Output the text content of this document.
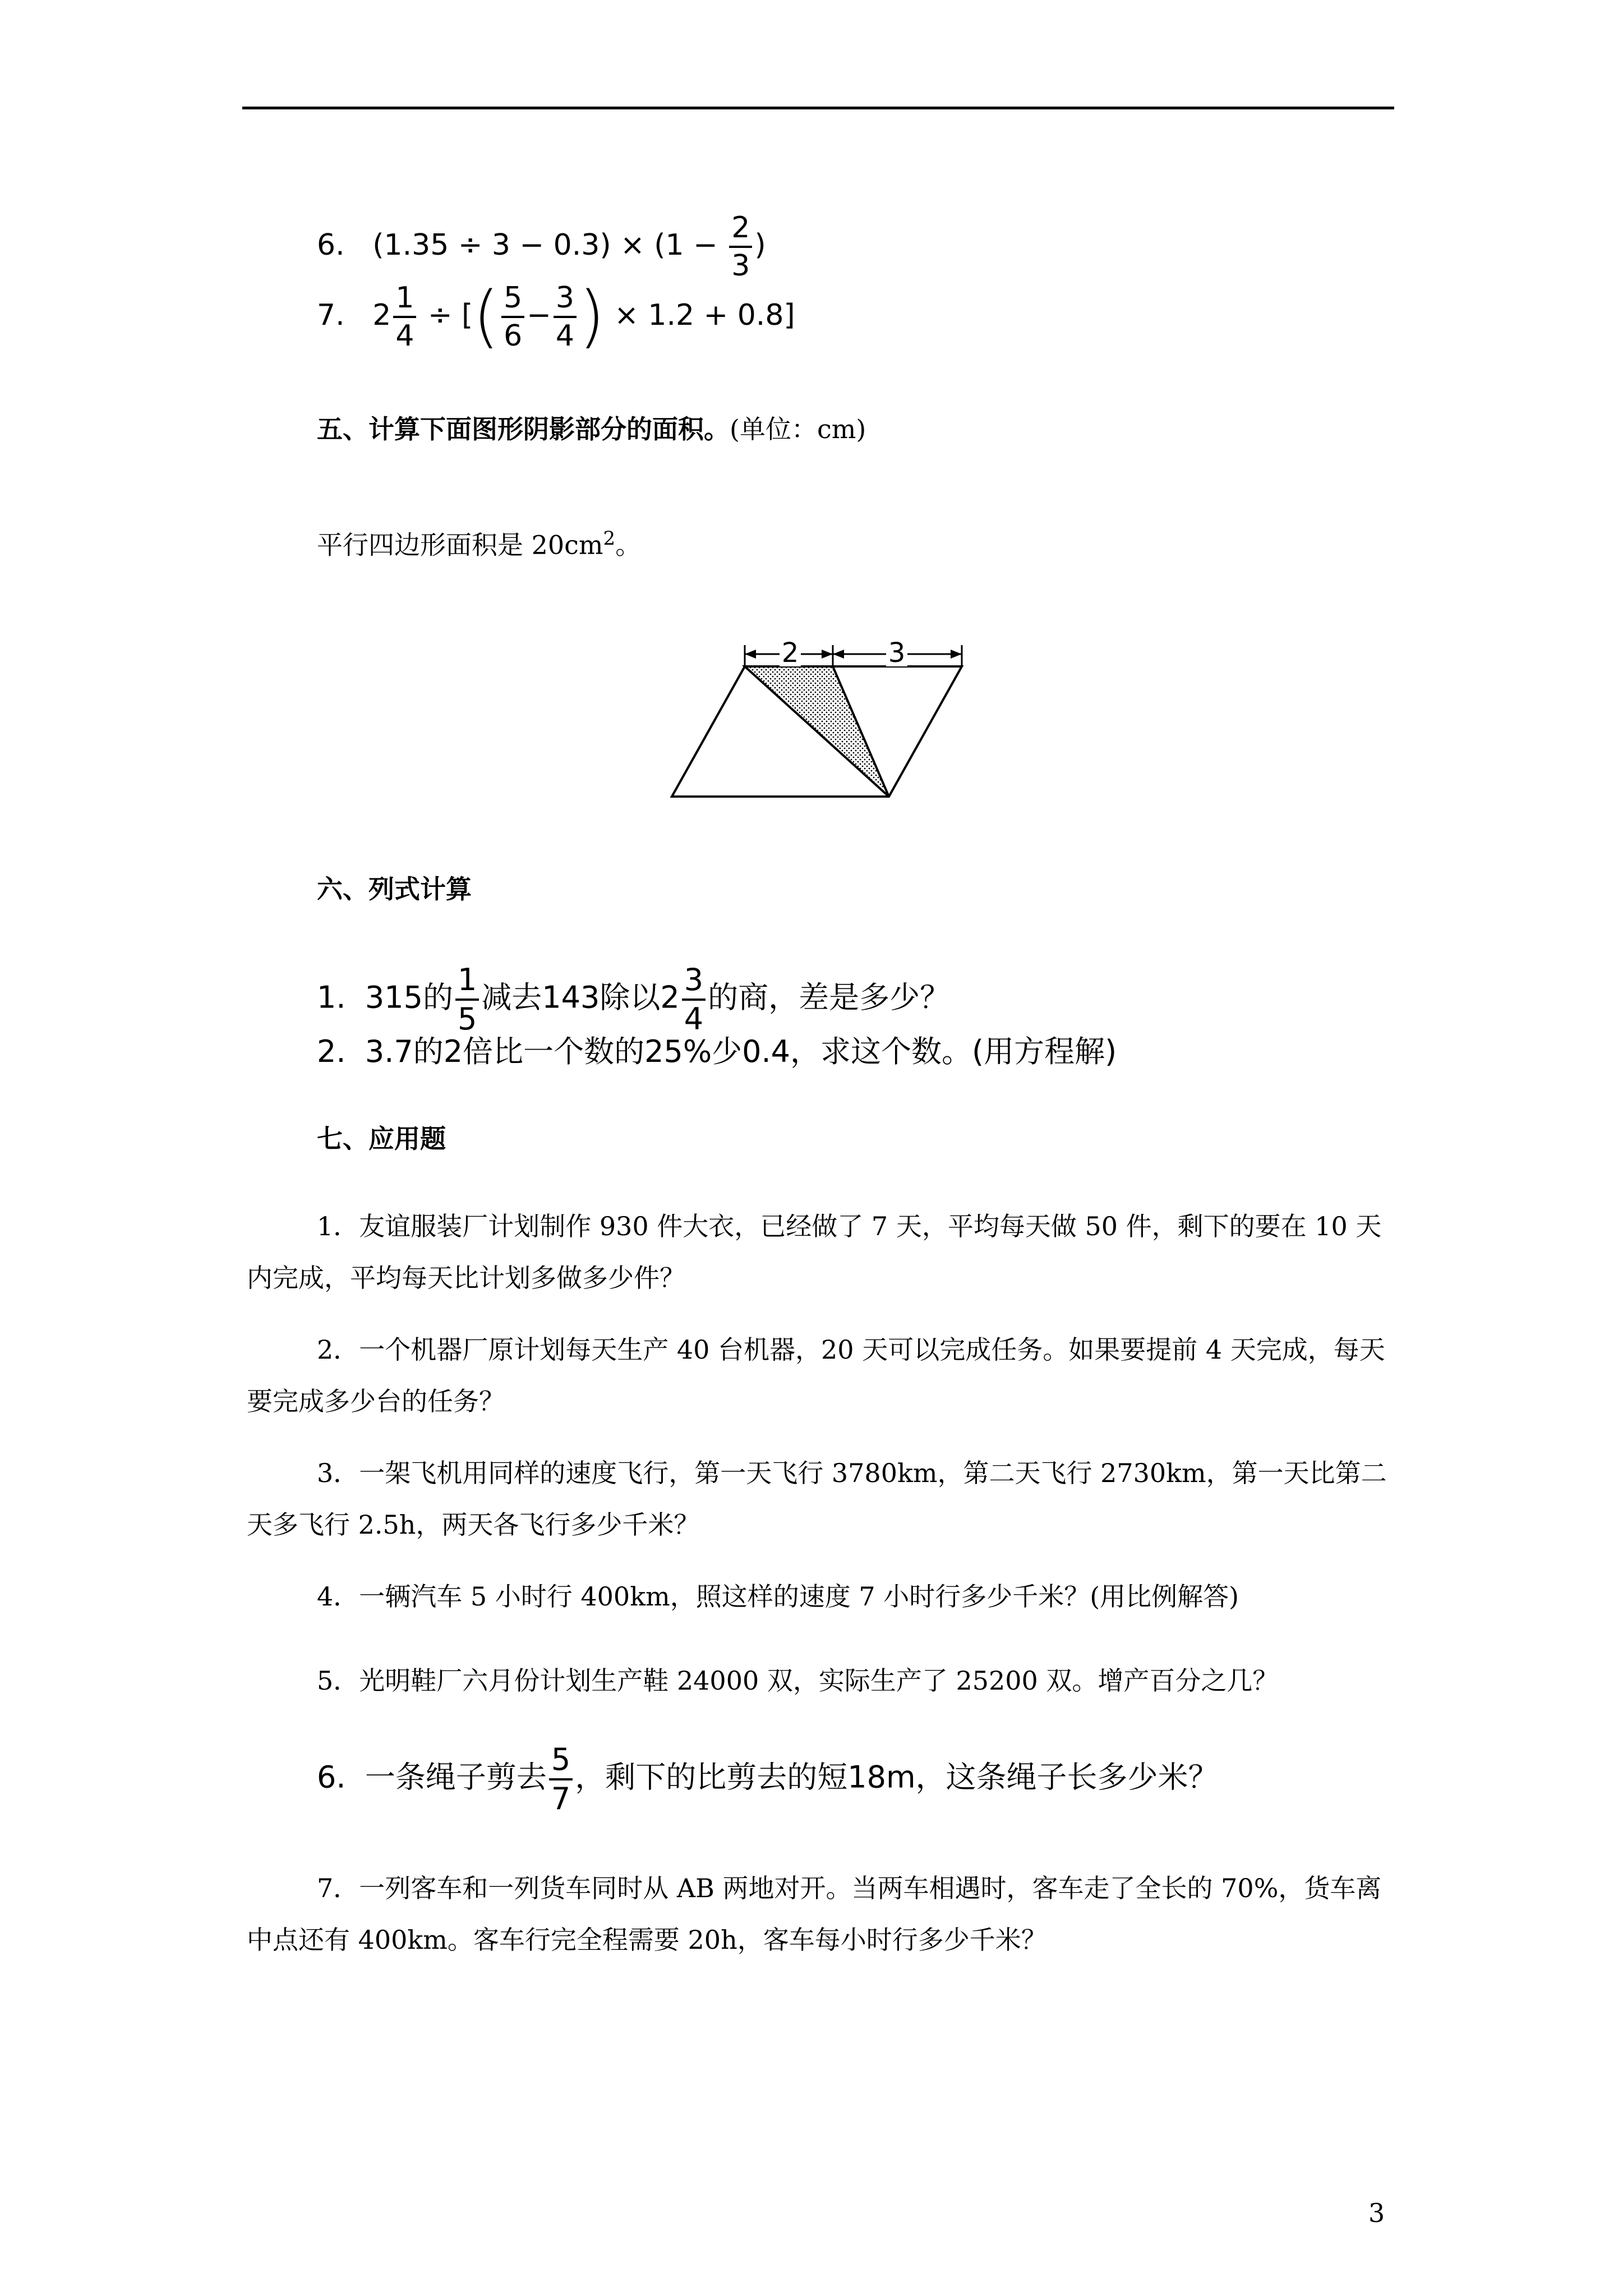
6. $(1.35 \div 3 - 0.3) \times (1 - \frac{2}{3}$ )
7. $2 \frac{1}{4}$ ÷ [( $\frac{5}{6} - \frac{3}{4}$ ) × 1.2 + 0.8]
五、计算下面图形阴影部分的面积。(单位：cm)
平行四边形面积是 $20cm^2$。
2	3
六、列式计算
1. 315的 $\frac{1}{5}$ 减去143除以$2 \frac{3}{4}$ 的商，差是多少？
2. 3.7的2倍比一个数的25%少0.4，求这个数。(用方程解)
七、应用题
1．友谊服装厂计划制作 930 件大衣，已经做了 7 天，平均每天做 50 件，剩下的要在 10 天内完成，平均每天比计划多做多少件？
2．一个机器厂原计划每天生产 40 台机器，20 天可以完成任务。如果要提前 4 天完成，每天要完成多少台的任务？
3．一架飞机用同样的速度飞行，第一天飞行 3780km，第二天飞行 2730km，第一天比第二天多飞行 2.5h，两天各飞行多少千米？
4．一辆汽车 5 小时行 400km，照这样的速度 7 小时行多少千米？(用比例解答)
5．光明鞋厂六月份计划生产鞋 24000 双，实际生产了 25200 双。增产百分之几？
6. 一条绳子剪去 $\frac{5}{7}$ ，剩下的比剪去的短18m，这条绳子长多少米？
7．一列客车和一列货车同时从 AB 两地对开。当两车相遇时，客车走了全长的 70%，货车离中点还有 400km。客车行完全程需要 20h，客车每小时行多少千米？
3
